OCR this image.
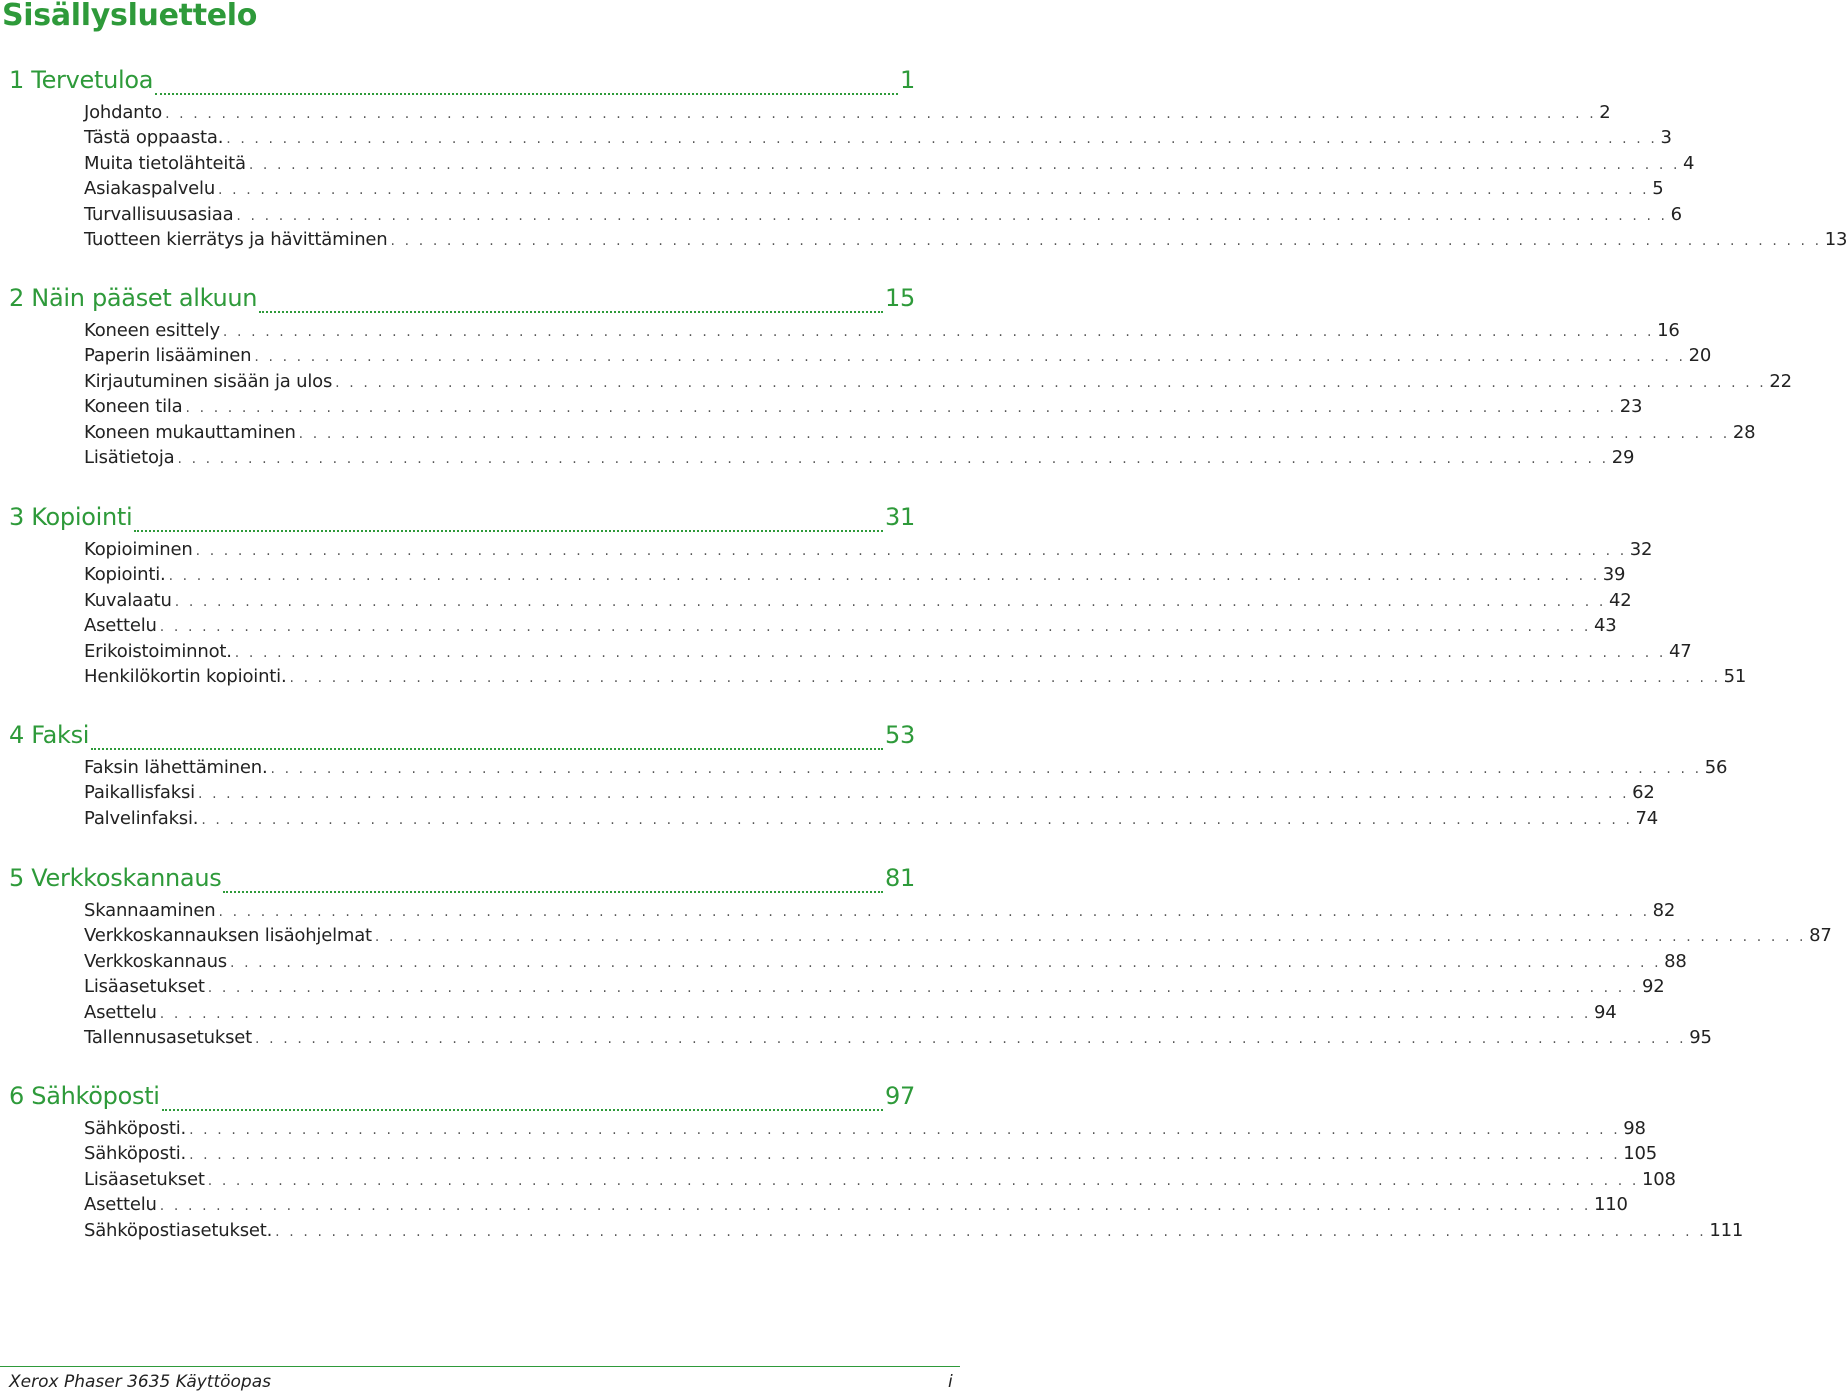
Sisällysluettelo
1 Tervetuloa	1
Johdanto . . . . . . . . . . . . . . . . . . . . . . . . . . . . . . . . . . . . . . . . . . . . . . . . . . . . . . . . . . . . . . . . . . . . . . . . . . . . . . . . . . . . . . . . . . . . . . . . . . . . . . 2
Tästä oppaasta. . . . . . . . . . . . . . . . . . . . . . . . . . . . . . . . . . . . . . . . . . . . . . . . . . . . . . . . . . . . . . . . . . . . . . . . . . . . . . . . . . . . . . . . . . . . . . . . . . . . . . . 3
Muita tietolähteitä . . . . . . . . . . . . . . . . . . . . . . . . . . . . . . . . . . . . . . . . . . . . . . . . . . . . . . . . . . . . . . . . . . . . . . . . . . . . . . . . . . . . . . . . . . . . . . . . . . . . . . 4
Asiakaspalvelu . . . . . . . . . . . . . . . . . . . . . . . . . . . . . . . . . . . . . . . . . . . . . . . . . . . . . . . . . . . . . . . . . . . . . . . . . . . . . . . . . . . . . . . . . . . . . . . . . . . . . . 5
Turvallisuusasiaa . . . . . . . . . . . . . . . . . . . . . . . . . . . . . . . . . . . . . . . . . . . . . . . . . . . . . . . . . . . . . . . . . . . . . . . . . . . . . . . . . . . . . . . . . . . . . . . . . . . . . . 6
Tuotteen kierrätys ja hävittäminen . . . . . . . . . . . . . . . . . . . . . . . . . . . . . . . . . . . . . . . . . . . . . . . . . . . . . . . . . . . . . . . . . . . . . . . . . . . . . . . . . . . . . . . . . . . . . . . . . . . . . . 13
2 Näin pääset alkuun	15
Koneen esittely . . . . . . . . . . . . . . . . . . . . . . . . . . . . . . . . . . . . . . . . . . . . . . . . . . . . . . . . . . . . . . . . . . . . . . . . . . . . . . . . . . . . . . . . . . . . . . . . . . . . . . 16
Paperin lisääminen . . . . . . . . . . . . . . . . . . . . . . . . . . . . . . . . . . . . . . . . . . . . . . . . . . . . . . . . . . . . . . . . . . . . . . . . . . . . . . . . . . . . . . . . . . . . . . . . . . . . . . 20
Kirjautuminen sisään ja ulos . . . . . . . . . . . . . . . . . . . . . . . . . . . . . . . . . . . . . . . . . . . . . . . . . . . . . . . . . . . . . . . . . . . . . . . . . . . . . . . . . . . . . . . . . . . . . . . . . . . . . . 22
Koneen tila . . . . . . . . . . . . . . . . . . . . . . . . . . . . . . . . . . . . . . . . . . . . . . . . . . . . . . . . . . . . . . . . . . . . . . . . . . . . . . . . . . . . . . . . . . . . . . . . . . . . . . 23
Koneen mukauttaminen . . . . . . . . . . . . . . . . . . . . . . . . . . . . . . . . . . . . . . . . . . . . . . . . . . . . . . . . . . . . . . . . . . . . . . . . . . . . . . . . . . . . . . . . . . . . . . . . . . . . . . 28
Lisätietoja . . . . . . . . . . . . . . . . . . . . . . . . . . . . . . . . . . . . . . . . . . . . . . . . . . . . . . . . . . . . . . . . . . . . . . . . . . . . . . . . . . . . . . . . . . . . . . . . . . . . . . 29
3 Kopiointi	31
Kopioiminen . . . . . . . . . . . . . . . . . . . . . . . . . . . . . . . . . . . . . . . . . . . . . . . . . . . . . . . . . . . . . . . . . . . . . . . . . . . . . . . . . . . . . . . . . . . . . . . . . . . . . . 32
Kopiointi. . . . . . . . . . . . . . . . . . . . . . . . . . . . . . . . . . . . . . . . . . . . . . . . . . . . . . . . . . . . . . . . . . . . . . . . . . . . . . . . . . . . . . . . . . . . . . . . . . . . . . . 39
Kuvalaatu . . . . . . . . . . . . . . . . . . . . . . . . . . . . . . . . . . . . . . . . . . . . . . . . . . . . . . . . . . . . . . . . . . . . . . . . . . . . . . . . . . . . . . . . . . . . . . . . . . . . . . 42
Asettelu . . . . . . . . . . . . . . . . . . . . . . . . . . . . . . . . . . . . . . . . . . . . . . . . . . . . . . . . . . . . . . . . . . . . . . . . . . . . . . . . . . . . . . . . . . . . . . . . . . . . . . 43
Erikoistoiminnot. . . . . . . . . . . . . . . . . . . . . . . . . . . . . . . . . . . . . . . . . . . . . . . . . . . . . . . . . . . . . . . . . . . . . . . . . . . . . . . . . . . . . . . . . . . . . . . . . . . . . . . 47
Henkilökortin kopiointi. . . . . . . . . . . . . . . . . . . . . . . . . . . . . . . . . . . . . . . . . . . . . . . . . . . . . . . . . . . . . . . . . . . . . . . . . . . . . . . . . . . . . . . . . . . . . . . . . . . . . . . 51
4 Faksi	53
Faksin lähettäminen. . . . . . . . . . . . . . . . . . . . . . . . . . . . . . . . . . . . . . . . . . . . . . . . . . . . . . . . . . . . . . . . . . . . . . . . . . . . . . . . . . . . . . . . . . . . . . . . . . . . . . . 56
Paikallisfaksi . . . . . . . . . . . . . . . . . . . . . . . . . . . . . . . . . . . . . . . . . . . . . . . . . . . . . . . . . . . . . . . . . . . . . . . . . . . . . . . . . . . . . . . . . . . . . . . . . . . . . . 62
Palvelinfaksi. . . . . . . . . . . . . . . . . . . . . . . . . . . . . . . . . . . . . . . . . . . . . . . . . . . . . . . . . . . . . . . . . . . . . . . . . . . . . . . . . . . . . . . . . . . . . . . . . . . . . . . 74
5 Verkkoskannaus	81
Skannaaminen . . . . . . . . . . . . . . . . . . . . . . . . . . . . . . . . . . . . . . . . . . . . . . . . . . . . . . . . . . . . . . . . . . . . . . . . . . . . . . . . . . . . . . . . . . . . . . . . . . . . . . 82
Verkkoskannauksen lisäohjelmat . . . . . . . . . . . . . . . . . . . . . . . . . . . . . . . . . . . . . . . . . . . . . . . . . . . . . . . . . . . . . . . . . . . . . . . . . . . . . . . . . . . . . . . . . . . . . . . . . . . . . . 87
Verkkoskannaus . . . . . . . . . . . . . . . . . . . . . . . . . . . . . . . . . . . . . . . . . . . . . . . . . . . . . . . . . . . . . . . . . . . . . . . . . . . . . . . . . . . . . . . . . . . . . . . . . . . . . . 88
Lisäasetukset . . . . . . . . . . . . . . . . . . . . . . . . . . . . . . . . . . . . . . . . . . . . . . . . . . . . . . . . . . . . . . . . . . . . . . . . . . . . . . . . . . . . . . . . . . . . . . . . . . . . . . 92
Asettelu . . . . . . . . . . . . . . . . . . . . . . . . . . . . . . . . . . . . . . . . . . . . . . . . . . . . . . . . . . . . . . . . . . . . . . . . . . . . . . . . . . . . . . . . . . . . . . . . . . . . . . 94
Tallennusasetukset . . . . . . . . . . . . . . . . . . . . . . . . . . . . . . . . . . . . . . . . . . . . . . . . . . . . . . . . . . . . . . . . . . . . . . . . . . . . . . . . . . . . . . . . . . . . . . . . . . . . . . 95
6 Sähköposti	97
Sähköposti. . . . . . . . . . . . . . . . . . . . . . . . . . . . . . . . . . . . . . . . . . . . . . . . . . . . . . . . . . . . . . . . . . . . . . . . . . . . . . . . . . . . . . . . . . . . . . . . . . . . . . . 98
Sähköposti. . . . . . . . . . . . . . . . . . . . . . . . . . . . . . . . . . . . . . . . . . . . . . . . . . . . . . . . . . . . . . . . . . . . . . . . . . . . . . . . . . . . . . . . . . . . . . . . . . . . . . . 105
Lisäasetukset . . . . . . . . . . . . . . . . . . . . . . . . . . . . . . . . . . . . . . . . . . . . . . . . . . . . . . . . . . . . . . . . . . . . . . . . . . . . . . . . . . . . . . . . . . . . . . . . . . . . . . 108
Asettelu . . . . . . . . . . . . . . . . . . . . . . . . . . . . . . . . . . . . . . . . . . . . . . . . . . . . . . . . . . . . . . . . . . . . . . . . . . . . . . . . . . . . . . . . . . . . . . . . . . . . . . 110
Sähköpostiasetukset. . . . . . . . . . . . . . . . . . . . . . . . . . . . . . . . . . . . . . . . . . . . . . . . . . . . . . . . . . . . . . . . . . . . . . . . . . . . . . . . . . . . . . . . . . . . . . . . . . . . . . . 111
Xerox Phaser 3635 Käyttöopas	i
